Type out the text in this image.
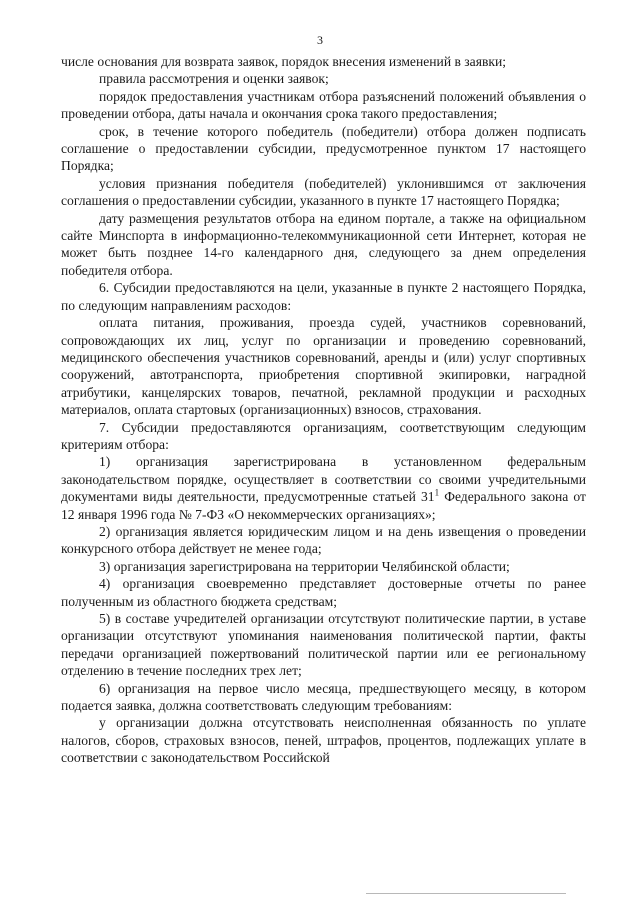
3

числе основания для возврата заявок, порядок внесения изменений в заявки;

правила рассмотрения и оценки заявок;

порядок предоставления участникам отбора разъяснений положений объявления о проведении отбора, даты начала и окончания срока такого предоставления;

срок, в течение которого победитель (победители) отбора должен подписать соглашение о предоставлении субсидии, предусмотренное пунктом 17 настоящего Порядка;

условия признания победителя (победителей) уклонившимся от заключения соглашения о предоставлении субсидии, указанного в пункте 17 настоящего Порядка;

дату размещения результатов отбора на едином портале, а также на официальном сайте Минспорта в информационно-телекоммуникационной сети Интернет, которая не может быть позднее 14-го календарного дня, следующего за днем определения победителя отбора.

6. Субсидии предоставляются на цели, указанные в пункте 2 настоящего Порядка, по следующим направлениям расходов:

оплата питания, проживания, проезда судей, участников соревнований, сопровождающих их лиц, услуг по организации и проведению соревнований, медицинского обеспечения участников соревнований, аренды и (или) услуг спортивных сооружений, автотранспорта, приобретения спортивной экипировки, наградной атрибутики, канцелярских товаров, печатной, рекламной продукции и расходных материалов, оплата стартовых (организационных) взносов, страхования.

7. Субсидии предоставляются организациям, соответствующим следующим критериям отбора:

1) организация зарегистрирована в установленном федеральным законодательством порядке, осуществляет в соответствии со своими учредительными документами виды деятельности, предусмотренные статьей $31^1$ Федерального закона от 12 января 1996 года № 7-ФЗ «О некоммерческих организациях»;

2) организация является юридическим лицом и на день извещения о проведении конкурсного отбора действует не менее года;

3) организация зарегистрирована на территории Челябинской области;

4) организация своевременно представляет достоверные отчеты по ранее полученным из областного бюджета средствам;

5) в составе учредителей организации отсутствуют политические партии, в уставе организации отсутствуют упоминания наименования политической партии, факты передачи организацией пожертвований политической партии или ее региональному отделению в течение последних трех лет;

6) организация на первое число месяца, предшествующего месяцу, в котором подается заявка, должна соответствовать следующим требованиям:

у организации должна отсутствовать неисполненная обязанность по уплате налогов, сборов, страховых взносов, пеней, штрафов, процентов, подлежащих уплате в соответствии с законодательством Российской
